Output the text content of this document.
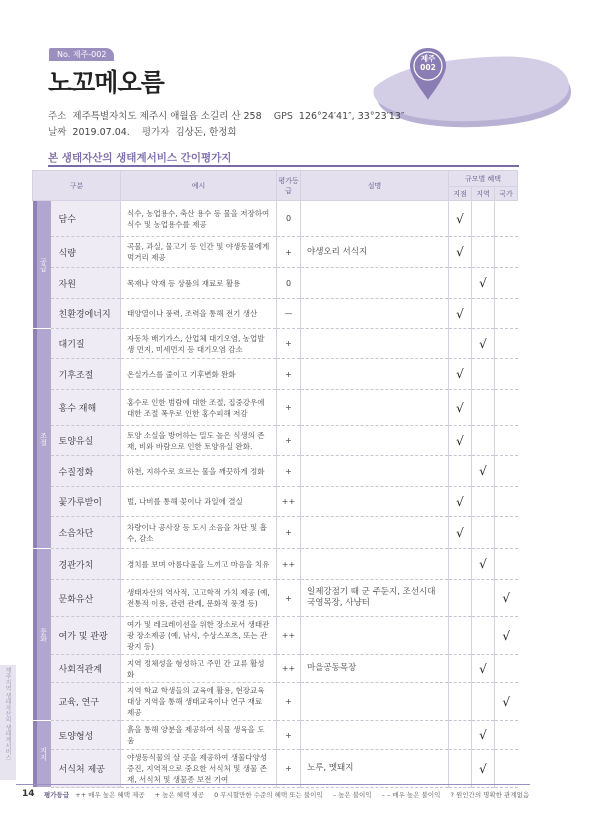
제주지역 생태자산의 생태계서비스
No. 제주-002
노꼬메오름
제주
002
주소 제주특별자치도 제주시 애월읍 소길리 산 258 GPS 126°24′41″, 33°23′13″
날짜 2019.07.04. 평가자 김상돈, 한정희
본 생태자산의 생태계서비스 간이평가지
구분		예시	평가등급	설명	규모별 혜택		
					지점	지역	국가

공급	담수	식수, 농업용수, 축산 용수 등 물을 저장하여 식수 및 농업용수를 제공	0		√		
	식량	곡물, 과실, 물고기 등 인간 및 야생동물에게 먹거리 제공	+	야생오리 서식지	√		
	자원	목재나 약재 등 상품의 재료로 활용	0			√	
	친환경에너지	태양열이나 풍력, 조력을 통해 전기 생산	—		√		

조절	대기질	자동차 배기가스, 산업체 대기오염, 농업발생 먼지, 미세먼지 등 대기오염 감소	+			√	
	기후조절	온실가스를 줄이고 기후변화 완화	+		√		
	홍수 재해	홍수로 인한 범람에 대한 조절, 집중강우에 대한 조절 폭우로 인한 홍수피해 저감	+		√		
	토양유실	토양 소실을 방어하는 밀도 높은 식생의 존재, 비와 바람으로 인한 토양유실 완화.	+		√		
	수질정화	하천, 지하수로 흐르는 물을 깨끗하게 정화	+			√	
	꽃가루받이	벌, 나비를 통해 꽃이나 과일에 결실	++		√		
	소음차단	차량이나 공사장 등 도시 소음을 차단 및 흡수, 감소	+		√		

문화	경관가치	경치를 보며 아름다움을 느끼고 마음을 치유	++			√	
	문화유산	생태자산의 역사적, 고고학적 가치 제공 (예, 전통적 이용, 관련 관례, 문화적 풍경 등)	+	일제강점기 때 군 주둔지, 조선시대 국영목장, 사냥터			√
	여가 및 관광	여가 및 레크레이션을 위한 장소로서 생태관광 장소제공 (예, 낚시, 수상스포츠, 또는 관광지 등)	++				√
	사회적관계	지역 정체성을 형성하고 주민 간 교류 활성화	++	마을공동목장		√	
	교육, 연구	지역 학교 학생들의 교육에 활용, 현장교육 대상 지역을 통해 생태교육이나 연구 재료 제공	+				√

지지	토양형성	흙을 통해 양분을 제공하여 식물 생육을 도움	+			√	
	서식처 제공	야생동식물의 살 곳을 제공하여 생물다양성 증진, 지역적으로 중요한 서식처 및 생물 존재, 서식처 및 생물종 보전 기여	+	노루, 멧돼지		√	
14 평가등급 ++ 매우 높은 혜택 제공 + 높은 혜택 제공 0 무시할만한 수준의 혜택 또는 불이익 – 높은 불이익 – – 매우 높은 불이익 ? 원인간의 명확한 관계없음
